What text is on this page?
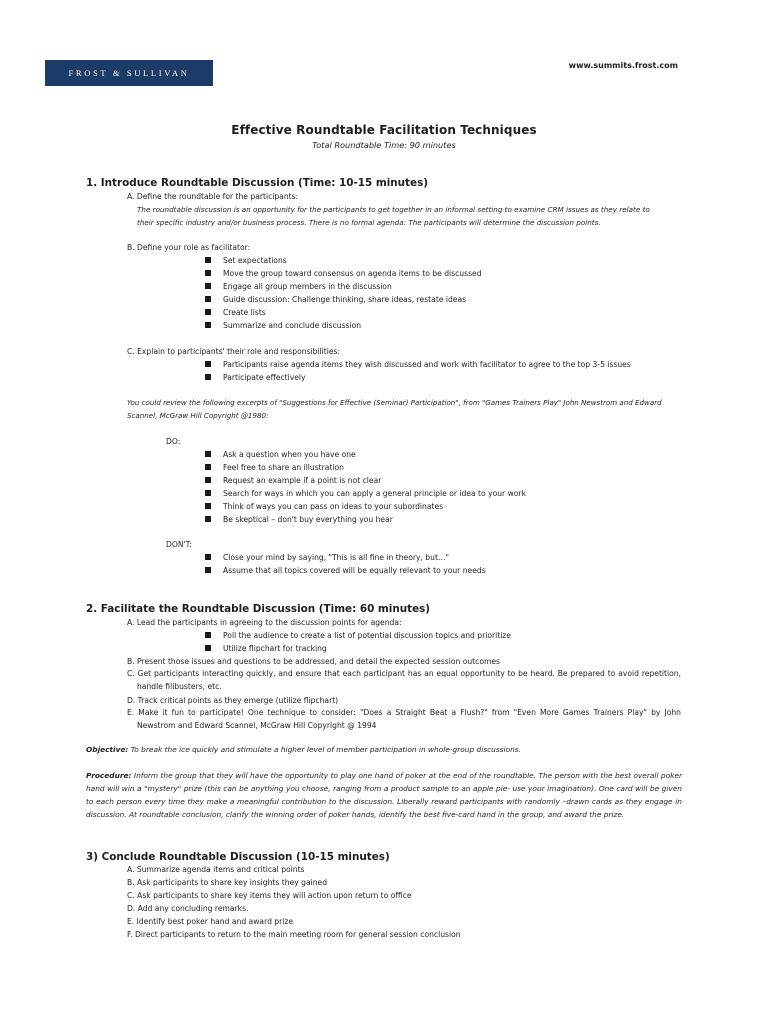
FROST & SULLIVAN
www.summits.frost.com
Effective Roundtable Facilitation Techniques
Total Roundtable Time: 90 minutes
1. Introduce Roundtable Discussion (Time: 10-15 minutes)
A. Define the roundtable for the participants:
The roundtable discussion is an opportunity for the participants to get together in an informal setting to examine CRM issues as they relate to
their specific industry and/or business process. There is no formal agenda: The participants will determine the discussion points.
B. Define your role as facilitator:
Set expectations
Move the group toward consensus on agenda items to be discussed
Engage all group members in the discussion
Guide discussion: Challenge thinking, share ideas, restate ideas
Create lists
Summarize and conclude discussion
C. Explain to participants' their role and responsibilities:
Participants raise agenda items they wish discussed and work with facilitator to agree to the top 3-5 issues
Participate effectively
You could review the following excerpts of "Suggestions for Effective (Seminar) Participation", from "Games Trainers Play" John Newstrom and Edward
Scannel, McGraw Hill Copyright @1980:
DO:
Ask a question when you have one
Feel free to share an illustration
Request an example if a point is not clear
Search for ways in which you can apply a general principle or idea to your work
Think of ways you can pass on ideas to your subordinates
Be skeptical – don't buy everything you hear
DON'T:
Close your mind by saying, "This is all fine in theory, but…"
Assume that all topics covered will be equally relevant to your needs
2. Facilitate the Roundtable Discussion (Time: 60 minutes)
A. Lead the participants in agreeing to the discussion points for agenda:
Poll the audience to create a list of potential discussion topics and prioritize
Utilize flipchart for tracking
B. Present those issues and questions to be addressed, and detail the expected session outcomes
C. Get participants interacting quickly, and ensure that each participant has an equal opportunity to be heard. Be prepared to avoid repetition, handle filibusters, etc.
D. Track critical points as they emerge (utilize flipchart)
E. Make it fun to participate! One technique to consider: "Does a Straight Beat a Flush?" from "Even More Games Trainers Play" by John Newstrom and Edward Scannel, McGraw Hill Copyright @ 1994
Objective: To break the ice quickly and stimulate a higher level of member participation in whole-group discussions.
Procedure: Inform the group that they will have the opportunity to play one hand of poker at the end of the roundtable. The person with the best overall poker hand will win a "mystery" prize (this can be anything you choose, ranging from a product sample to an apple pie- use your imagination). One card will be given to each person every time they make a meaningful contribution to the discussion. Liberally reward participants with randomly –drawn cards as they engage in discussion. At roundtable conclusion, clarify the winning order of poker hands, identify the best five-card hand in the group, and award the prize.
3) Conclude Roundtable Discussion (10-15 minutes)
A. Summarize agenda items and critical points
B. Ask participants to share key insights they gained
C. Ask participants to share key items they will action upon return to office
D. Add any concluding remarks.
E. Identify best poker hand and award prize
F. Direct participants to return to the main meeting room for general session conclusion
